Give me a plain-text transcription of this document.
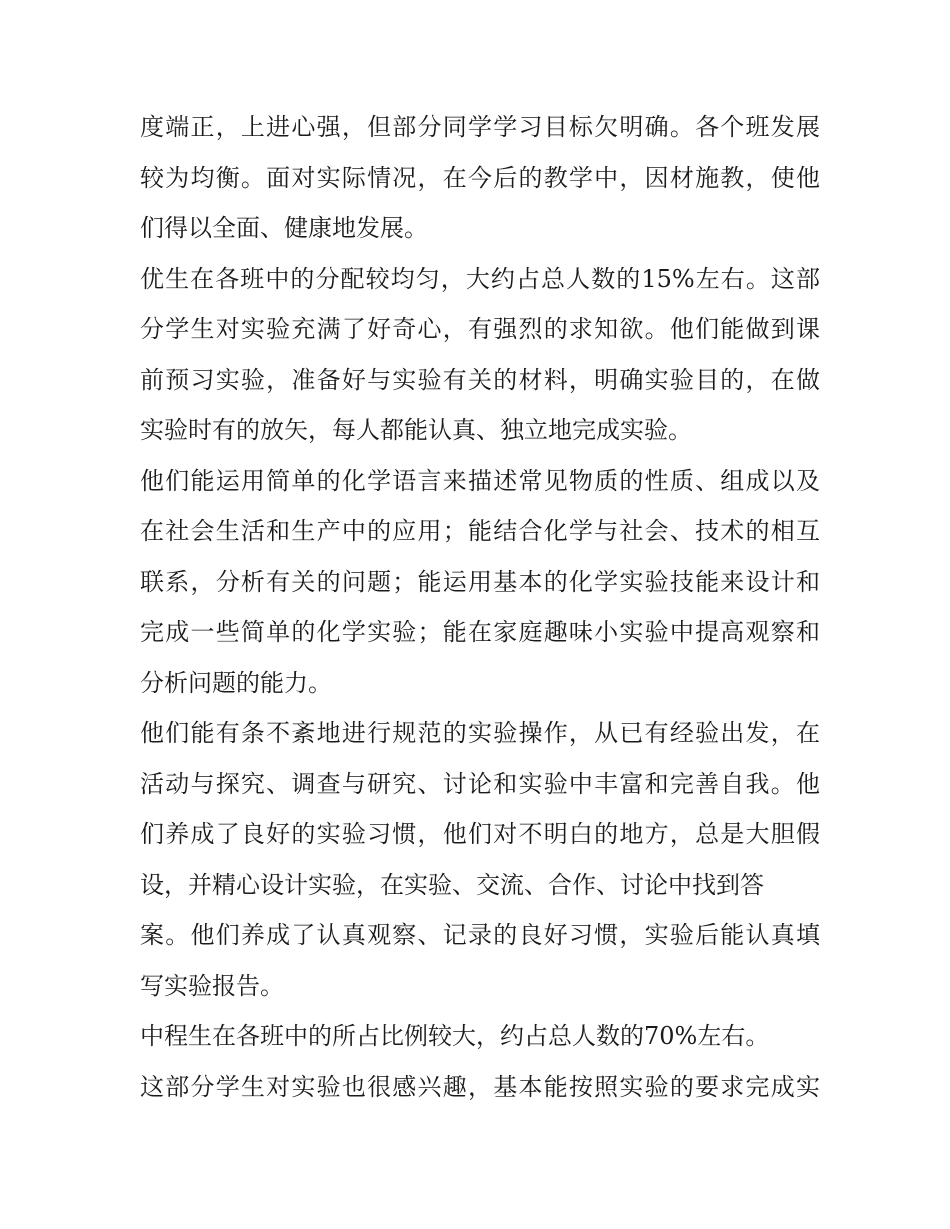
度端正，上进心强，但部分同学学习目标欠明确。各个班发展
较为均衡。面对实际情况，在今后的教学中，因材施教，使他
们得以全面、健康地发展。
优生在各班中的分配较均匀，大约占总人数的15%左右。这部
分学生对实验充满了好奇心，有强烈的求知欲。他们能做到课
前预习实验，准备好与实验有关的材料，明确实验目的，在做
实验时有的放矢，每人都能认真、独立地完成实验。
他们能运用简单的化学语言来描述常见物质的性质、组成以及
在社会生活和生产中的应用；能结合化学与社会、技术的相互
联系，分析有关的问题；能运用基本的化学实验技能来设计和
完成一些简单的化学实验；能在家庭趣味小实验中提高观察和
分析问题的能力。
他们能有条不紊地进行规范的实验操作，从已有经验出发，在
活动与探究、调查与研究、讨论和实验中丰富和完善自我。他
们养成了良好的实验习惯，他们对不明白的地方，总是大胆假
设，并精心设计实验，在实验、交流、合作、讨论中找到答
案。他们养成了认真观察、记录的良好习惯，实验后能认真填
写实验报告。
中程生在各班中的所占比例较大，约占总人数的70%左右。
这部分学生对实验也很感兴趣，基本能按照实验的要求完成实
